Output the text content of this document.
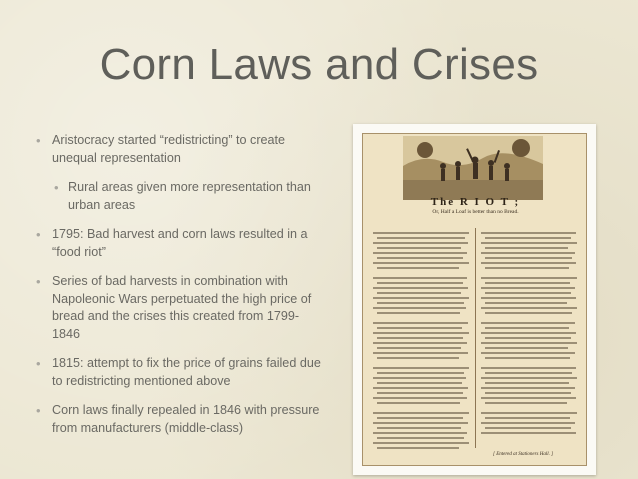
Corn Laws and Crises
• Aristocracy started “redistricting” to create unequal representation
• Rural areas given more representation than urban areas
• 1795: Bad harvest and corn laws resulted in a “food riot”
• Series of bad harvests in combination with Napoleonic Wars perpetuated the high price of bread and the crises this created from 1799-1846
• 1815: attempt to fix the price of grains failed due to redistricting mentioned above
• Corn laws finally repealed in 1846 with pressure from manufacturers (middle-class)
The R I O T ;
Or, Half a Loaf is better than no Bread.
[ Entered at Stationers Hall. ]
